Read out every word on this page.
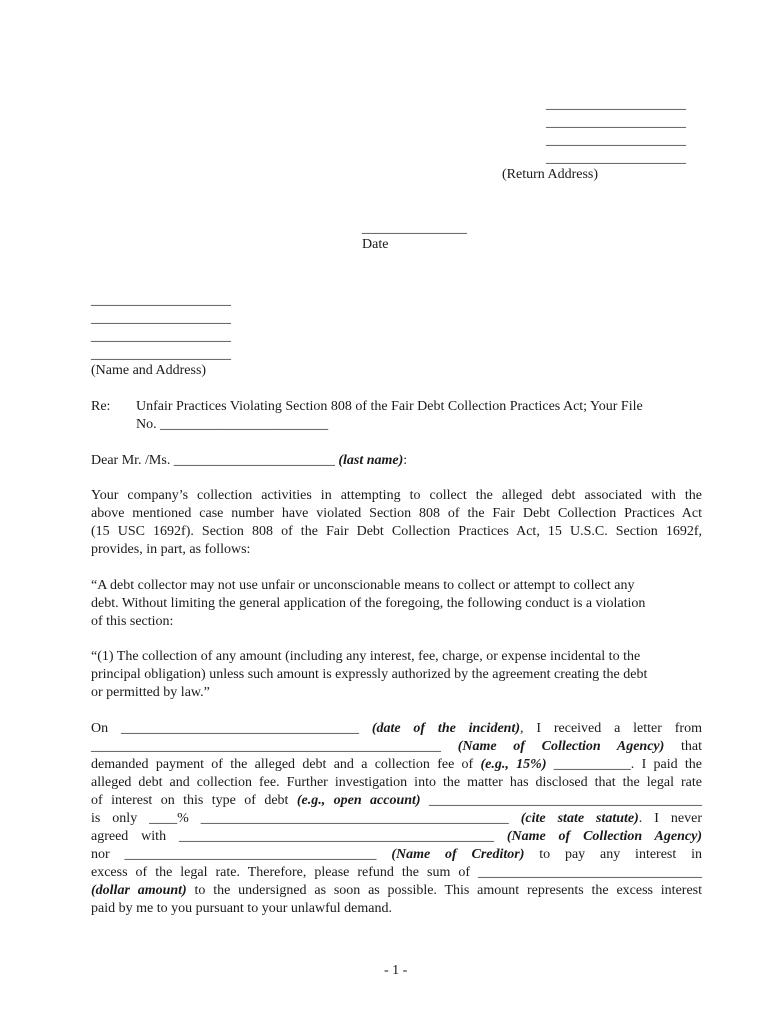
____________________
____________________
____________________
____________________
(Return Address)
_______________
Date
____________________
____________________
____________________
____________________
(Name and Address)
Re: Unfair Practices Violating Section 808 of the Fair Debt Collection Practices Act; Your File
No. ________________________
Dear Mr. /Ms. _______________________ (last name):
Your company’s collection activities in attempting to collect the alleged debt associated with the
above mentioned case number have violated Section 808 of the Fair Debt Collection Practices Act
(15 USC 1692f). Section 808 of the Fair Debt Collection Practices Act, 15 U.S.C. Section 1692f,
provides, in part, as follows:
“A debt collector may not use unfair or unconscionable means to collect or attempt to collect any
debt. Without limiting the general application of the foregoing, the following conduct is a violation
of this section:
“(1) The collection of any amount (including any interest, fee, charge, or expense incidental to the
principal obligation) unless such amount is expressly authorized by the agreement creating the debt
or permitted by law.”
On __________________________________ (date of the incident), I received a letter from
__________________________________________________ (Name of Collection Agency) that
demanded payment of the alleged debt and a collection fee of (e.g., 15%) ___________. I paid the
alleged debt and collection fee. Further investigation into the matter has disclosed that the legal rate
of interest on this type of debt (e.g., open account) _______________________________________
is only ____% ____________________________________________ (cite state statute). I never
agreed with _____________________________________________ (Name of Collection Agency)
nor ____________________________________ (Name of Creditor) to pay any interest in
excess of the legal rate. Therefore, please refund the sum of ________________________________
(dollar amount) to the undersigned as soon as possible. This amount represents the excess interest
paid by me to you pursuant to your unlawful demand.
- 1 -
